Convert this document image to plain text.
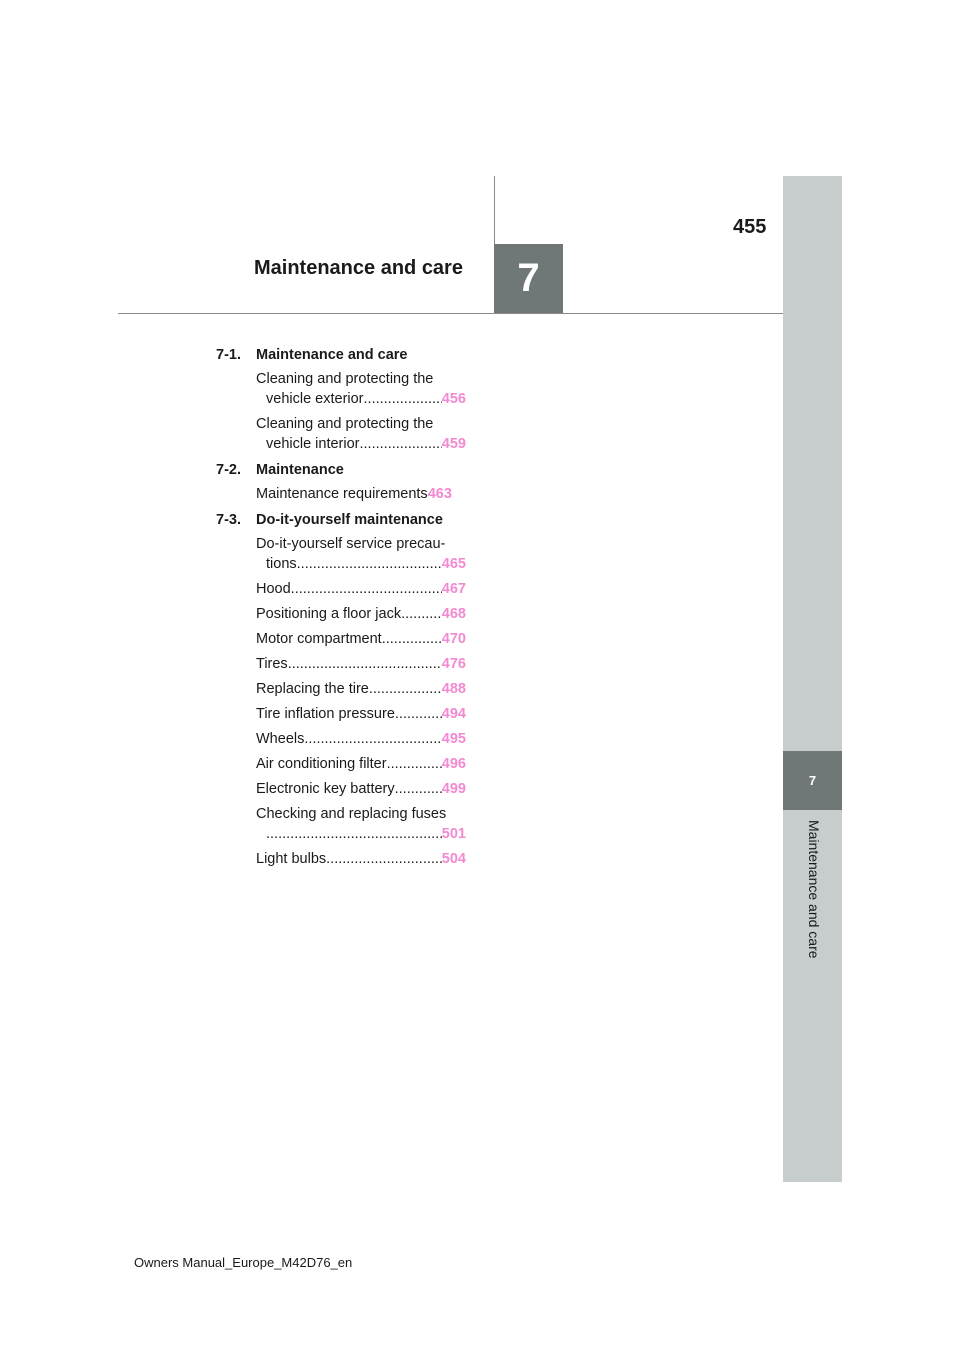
7
Maintenance and care
7
Maintenance and care
455
7-1. Maintenance and care
Cleaning and protecting the
vehicle exterior .....	456
Cleaning and protecting the
vehicle interior .....	459
7-2. Maintenance
Maintenance requirements 463
7-3. Do-it-yourself maintenance
Do-it-yourself service precau-
tions .....	465
Hood .....	467
Positioning a floor jack .....	468
Motor compartment .....	470
Tires .....	476
Replacing the tire .....	488
Tire inflation pressure .....	494
Wheels .....	495
Air conditioning filter .....	496
Electronic key battery .....	499
Checking and replacing fuses
.....
501
Light bulbs .....	504
Owners Manual_Europe_M42D76_en
